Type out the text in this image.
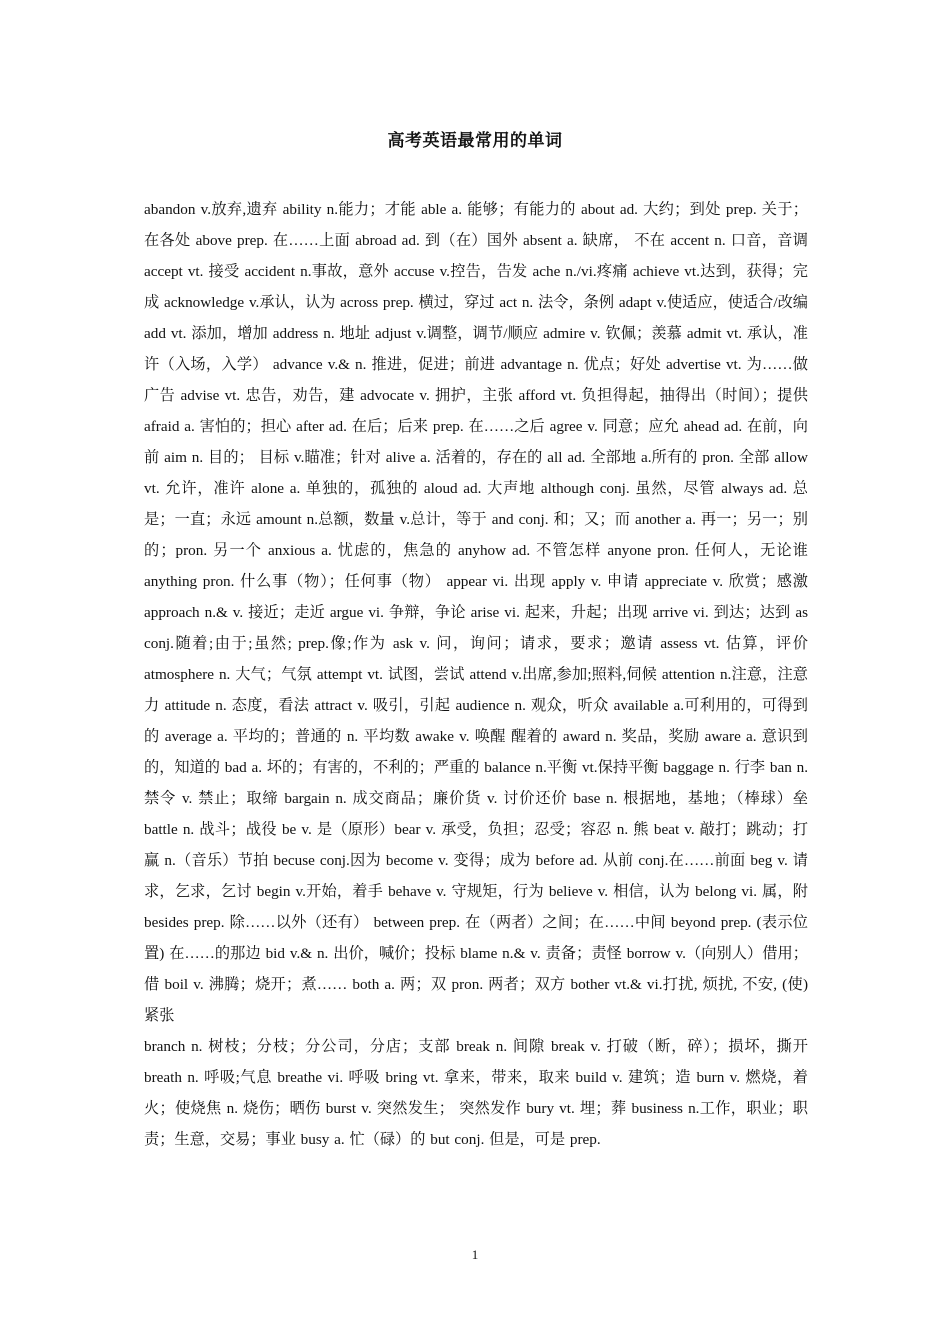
高考英语最常用的单词

abandon v.放弃,遗弃 ability n.能力；才能 able a. 能够；有能力的 about ad. 大约；到处 prep. 关于；在各处 above prep. 在……上面 abroad ad. 到（在）国外 absent a. 缺席， 不在 accent n. 口音，音调 accept vt. 接受 accident n.事故，意外 accuse v.控告，告发 ache n./vi.疼痛 achieve vt.达到，获得；完成 acknowledge v.承认，认为 across prep. 横过，穿过 act n. 法令，条例 adapt v.使适应，使适合/改编 add vt. 添加，增加 address n. 地址 adjust v.调整，调节/顺应 admire v. 钦佩；羡慕 admit vt. 承认，准许（入场，入学） advance v.& n. 推进，促进；前进 advantage n. 优点；好处 advertise vt. 为……做广告 advise vt. 忠告，劝告，建 advocate v. 拥护，主张 afford vt. 负担得起，抽得出（时间）；提供 afraid a. 害怕的；担心 after ad. 在后；后来 prep. 在……之后 agree v. 同意；应允 ahead ad. 在前，向前 aim n. 目的； 目标 v.瞄准；针对 alive a. 活着的，存在的 all ad. 全部地 a.所有的 pron. 全部 allow vt. 允许，准许 alone a. 单独的，孤独的 aloud ad. 大声地 although conj. 虽然，尽管 always ad. 总是；一直；永远 amount n.总额，数量 v.总计，等于 and conj. 和；又；而 another a. 再一；另一；别的；pron. 另一个 anxious a. 忧虑的，焦急的 anyhow ad. 不管怎样 anyone pron. 任何人，无论谁 anything pron. 什么事（物）；任何事（物） appear vi. 出现 apply v. 申请 appreciate v. 欣赏；感激 approach n.& v. 接近；走近 argue vi. 争辩，争论 arise vi. 起来，升起；出现 arrive vi. 到达；达到 as conj.随着;由于;虽然; prep.像;作为 ask v. 问，询问；请求，要求；邀请 assess vt. 估算，评价 atmosphere n. 大气；气氛 attempt vt. 试图，尝试 attend v.出席,参加;照料,伺候 attention n.注意，注意力 attitude n. 态度，看法 attract v. 吸引，引起 audience n. 观众，听众 available a.可利用的，可得到的 average a. 平均的；普通的 n. 平均数 awake v. 唤醒 醒着的 award n. 奖品，奖励 aware a. 意识到的，知道的 bad a. 坏的；有害的，不利的；严重的 balance n.平衡 vt.保持平衡 baggage n. 行李 ban n. 禁令 v. 禁止；取缔 bargain n. 成交商品；廉价货 v. 讨价还价 base n. 根据地，基地；（棒球）垒 battle n. 战斗；战役 be v. 是（原形）bear v. 承受，负担；忍受；容忍 n. 熊 beat v. 敲打；跳动；打赢 n.（音乐）节拍 becuse conj.因为 become v. 变得；成为 before ad. 从前 conj.在……前面 beg v. 请求，乞求，乞讨 begin v.开始，着手 behave v. 守规矩，行为 believe v. 相信，认为 belong vi. 属，附 besides prep. 除……以外（还有） between prep. 在（两者）之间；在……中间 beyond prep. (表示位置) 在……的那边 bid v.& n. 出价，喊价；投标 blame n.& v. 责备；责怪 borrow v.（向别人）借用；借 boil v. 沸腾；烧开；煮…… both a. 两；双 pron. 两者；双方 bother vt.& vi.打扰, 烦扰, 不安, (使)紧张

branch n. 树枝；分枝；分公司，分店；支部 break n. 间隙 break v. 打破（断，碎）；损坏，撕开 breath n. 呼吸;气息 breathe vi. 呼吸 bring vt. 拿来，带来，取来 build v. 建筑；造 burn v. 燃烧，着火；使烧焦 n. 烧伤；晒伤 burst v. 突然发生； 突然发作 bury vt. 埋；葬 business n.工作，职业；职责；生意，交易；事业 busy a. 忙（碌）的 but conj. 但是，可是 prep.

1
